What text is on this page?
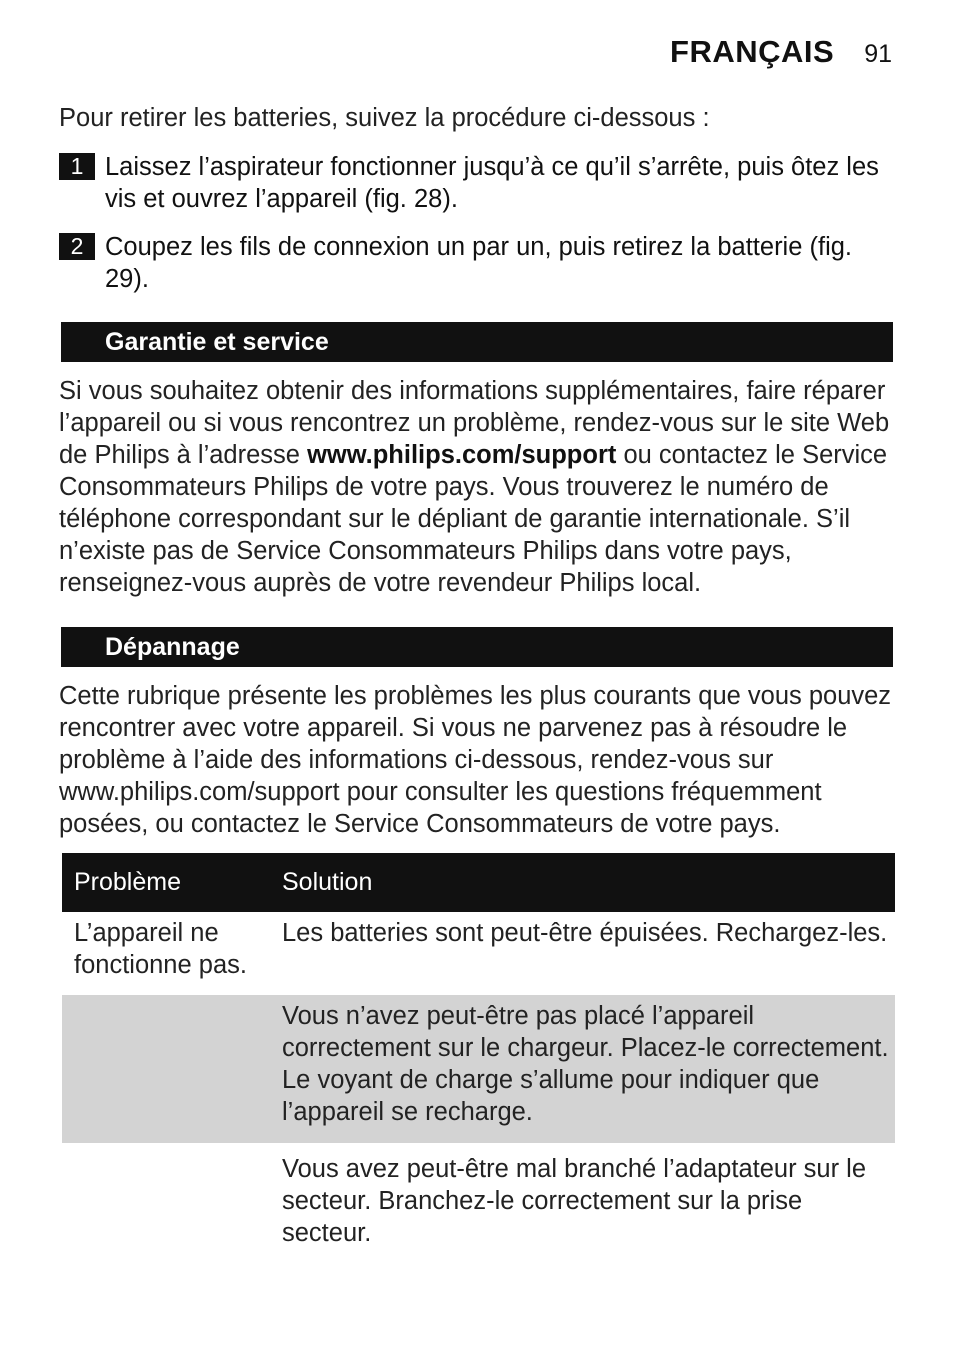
FRANÇAIS 91
Pour retirer les batteries, suivez la procédure ci-dessous :
1 Laissez l’aspirateur fonctionner jusqu’à ce qu’il s’arrête, puis ôtez les vis et ouvrez l’appareil (fig. 28).
2 Coupez les fils de connexion un par un, puis retirez la batterie (fig. 29).
Garantie et service
Si vous souhaitez obtenir des informations supplémentaires, faire réparer l’appareil ou si vous rencontrez un problème, rendez-vous sur le site Web de Philips à l’adresse www.philips.com/support ou contactez le Service Consommateurs Philips de votre pays. Vous trouverez le numéro de téléphone correspondant sur le dépliant de garantie internationale. S’il n’existe pas de Service Consommateurs Philips dans votre pays, renseignez-vous auprès de votre revendeur Philips local.
Dépannage
Cette rubrique présente les problèmes les plus courants que vous pouvez rencontrer avec votre appareil. Si vous ne parvenez pas à résoudre le problème à l’aide des informations ci-dessous, rendez-vous sur www.philips.com/support pour consulter les questions fréquemment posées, ou contactez le Service Consommateurs de votre pays.
Problème	Solution
L’appareil ne fonctionne pas.
Les batteries sont peut-être épuisées. Rechargez-les.
Vous n’avez peut-être pas placé l’appareil correctement sur le chargeur. Placez-le correctement. Le voyant de charge s’allume pour indiquer que l’appareil se recharge.
Vous avez peut-être mal branché l’adaptateur sur le secteur. Branchez-le correctement sur la prise secteur.
